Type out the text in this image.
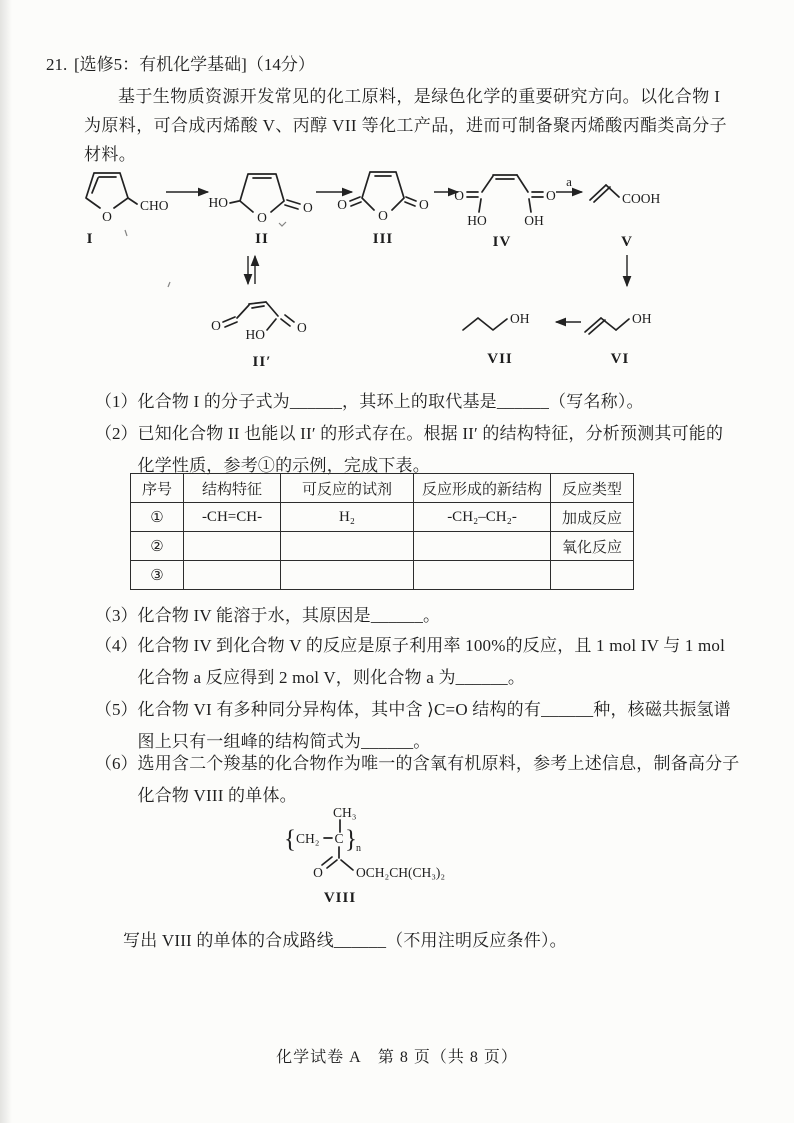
21. [选修5：有机化学基础]（14分）
基于生物质资源开发常见的化工原料，是绿色化学的重要研究方向。以化合物 I
为原料，可合成丙烯酸 V、丙醇 VII 等化工产品，进而可制备聚丙烯酸丙酯类高分子
材料。
O
CHO
I
HO
O
O
II
O
O	O
III
O
HO
O
OH
IV
a
COOH
V
O	O
HO
II′
OH
VI
OH
VII
（1） 化合物 I 的分子式为______，其环上的取代基是______（写名称）。
（2） 已知化合物 II 也能以 II′ 的形式存在。根据 II′ 的结构特征，分析预测其可能的
化学性质，参考①的示例，完成下表。
序号	结构特征	可反应的试剂	反应形成的新结构	反应类型
①	-CH=CH-	H₂	-CH₂–CH₂-	加成反应
②				氧化反应
③				
（3） 化合物 IV 能溶于水，其原因是______。
（4） 化合物 IV 到化合物 V 的反应是原子利用率 100%的反应，且 1 mol IV 与 1 mol
化合物 a 反应得到 2 mol V，则化合物 a 为______。
（5） 化合物 VI 有多种同分异构体，其中含 ⟩C=O 结构的有______种，核磁共振氢谱
图上只有一组峰的结构简式为______。
（6） 选用含二个羧基的化合物作为唯一的含氧有机原料，参考上述信息，制备高分子
化合物 VIII 的单体。
CH₃
{ CH₂ C } n
O OCH₂CH(CH₃)₂
VIII
写出 VIII 的单体的合成路线______（不用注明反应条件）。
化学试卷 A　第 8 页（共 8 页）
